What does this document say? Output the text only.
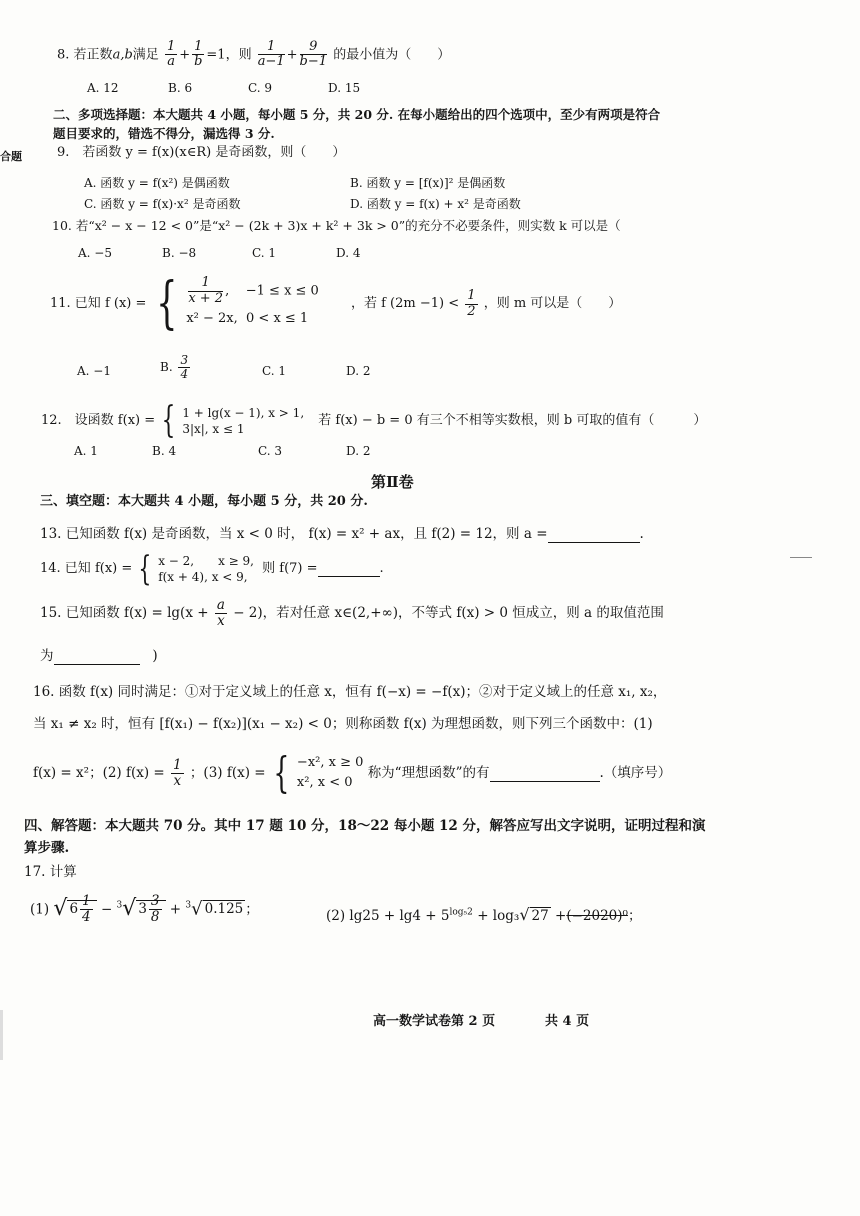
合题
8. 若正数a,b满足 $\frac{1}{a} + \frac{1}{b} =1$，则 $\frac{1}{a-1} + \frac{9}{b-1}$ 的最小值为（　　）
A. 12	B. 6	C. 9	D. 15
二、多项选择题：本大题共 4 小题，每小题 5 分，共 20 分. 在每小题给出的四个选项中，至少有两项是符合
题目要求的，错选不得分，漏选得 3 分.
9.　若函数 y = f(x)(x∈R) 是奇函数，则（　　）
A. 函数 y = f(x²) 是偶函数	B. 函数 y = [f(x)]² 是偶函数
C. 函数 y = f(x)·x² 是奇函数	D. 函数 y = f(x) + x² 是奇函数
10. 若“x² − x − 12 < 0”是“x² − (2k + 3)x + k² + 3k > 0”的充分不必要条件，则实数 k 可以是（
A. −5	B. −8	C. 1	D. 4
11. 已知 f (x) = { $\frac{1}{x + 2}$ ,    −1 ≤ x ≤ 0
x² − 2x, 0 < x ≤ 1
，若 f $(2m -1) < \frac{1}{2}$ ，则 m 可以是（　　）
A. −1	B. $\frac{3}{4}$	C. 1	D. 2
12.　设函数 f(x) = { 1 + lg(x − 1), x > 1,
3|x|, x ≤ 1
若 f(x) − b = 0 有三个不相等实数根，则 b 可取的值有（　　　）
A. 1	B. 4	C. 3	D. 2
第Ⅱ卷
三、填空题：本大题共 4 小题，每小题 5 分，共 20 分.
13. 已知函数 f(x) 是奇函数，当 x < 0 时， f(x) = x² + ax，且 f(2) = 12，则 a =	.
14. 已知 f(x) = { x − 2,　　x ≥ 9,
f(x + 4), x < 9,
则 f(7) =	.
15. 已知函数 $f(x) = \lg(x + \frac{a}{x} - 2)$，若对任意 x∈(2,+∞)，不等式 f(x) > 0 恒成立，则 a 的取值范围
为	)
16. 函数 f(x) 同时满足：①对于定义域上的任意 x，恒有 f(−x) = −f(x)；②对于定义域上的任意 x₁, x₂，
当 x₁ ≠ x₂ 时，恒有 [f(x₁) − f(x₂)](x₁ − x₂) < 0；则称函数 f(x) 为理想函数，则下列三个函数中：(1)
f(x) = x²；(2) $f(x) = \frac{1}{x}$ ；(3) f(x) = { −x², x ≥ 0
x², x < 0
称为“理想函数”的有	.（填序号）
四、解答题：本大题共 70 分。其中 17 题 10 分，18～22 每小题 12 分，解答应写出文字说明，证明过程和演
算步骤.
17. 计算
(1) √ $6 \frac{1}{4} - ^3√$ $3 \frac{3}{8} + ^3√$ 0.125 ；	(2) $\lg 25 + \lg 4 + 5^{log_52} + \log_3√$ 27 +(−2020)⁰；
高一数学试卷第 2 页	共 4 页
